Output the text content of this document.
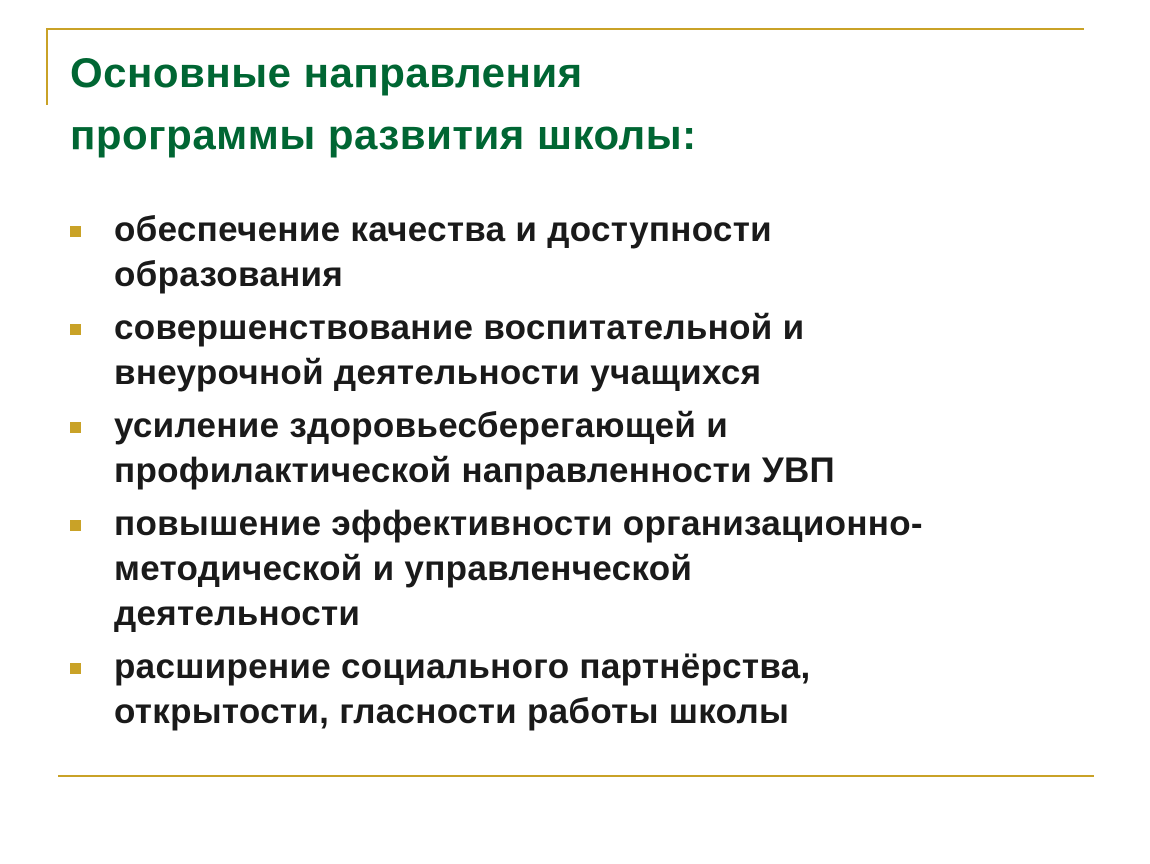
Основные направления
программы развития школы:
обеспечение качества и доступности
образования
совершенствование воспитательной и
внеурочной деятельности учащихся
усиление здоровьесберегающей и
профилактической направленности УВП
повышение эффективности организационно-
методической и управленческой
деятельности
расширение социального партнёрства,
открытости, гласности работы школы
